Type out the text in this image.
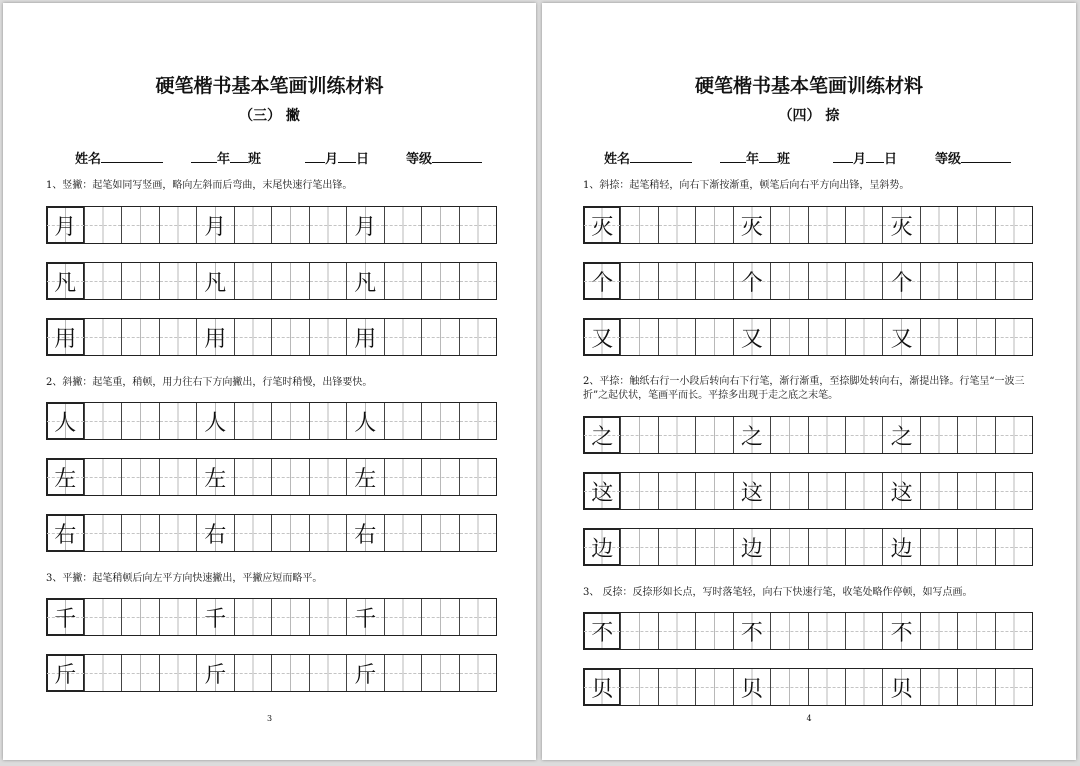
硬笔楷书基本笔画训练材料
（三） 撇
姓名	年 班	月 日	等级
1、竖撇：起笔如同写竖画，略向左斜而后弯曲，末尾快速行笔出锋。
月	月	月
凡	凡	凡
用	用	用
2、斜撇：起笔重，稍顿，用力往右下方向撇出，行笔时稍慢，出锋要快。
人	人	人
左	左	左
右	右	右
3、平撇：起笔稍顿后向左平方向快速撇出，平撇应短而略平。
千	千	千
斤	斤	斤
3
硬笔楷书基本笔画训练材料
（四） 捺
姓名	年 班	月 日	等级
1、斜捺：起笔稍轻，向右下渐按渐重，顿笔后向右平方向出锋，呈斜势。
灭	灭	灭
个	个	个
又	又	又
2、平捺：触纸右行一小段后转向右下行笔，渐行渐重，至捺脚处转向右，渐提出锋。行笔呈“一波三折”之起伏状，笔画平而长。平捺多出现于走之底之末笔。
之	之	之
这	这	这
边	边	边
3、 反捺：反捺形如长点，写时落笔轻，向右下快速行笔，收笔处略作停顿，如写点画。
不	不	不
贝	贝	贝
4
